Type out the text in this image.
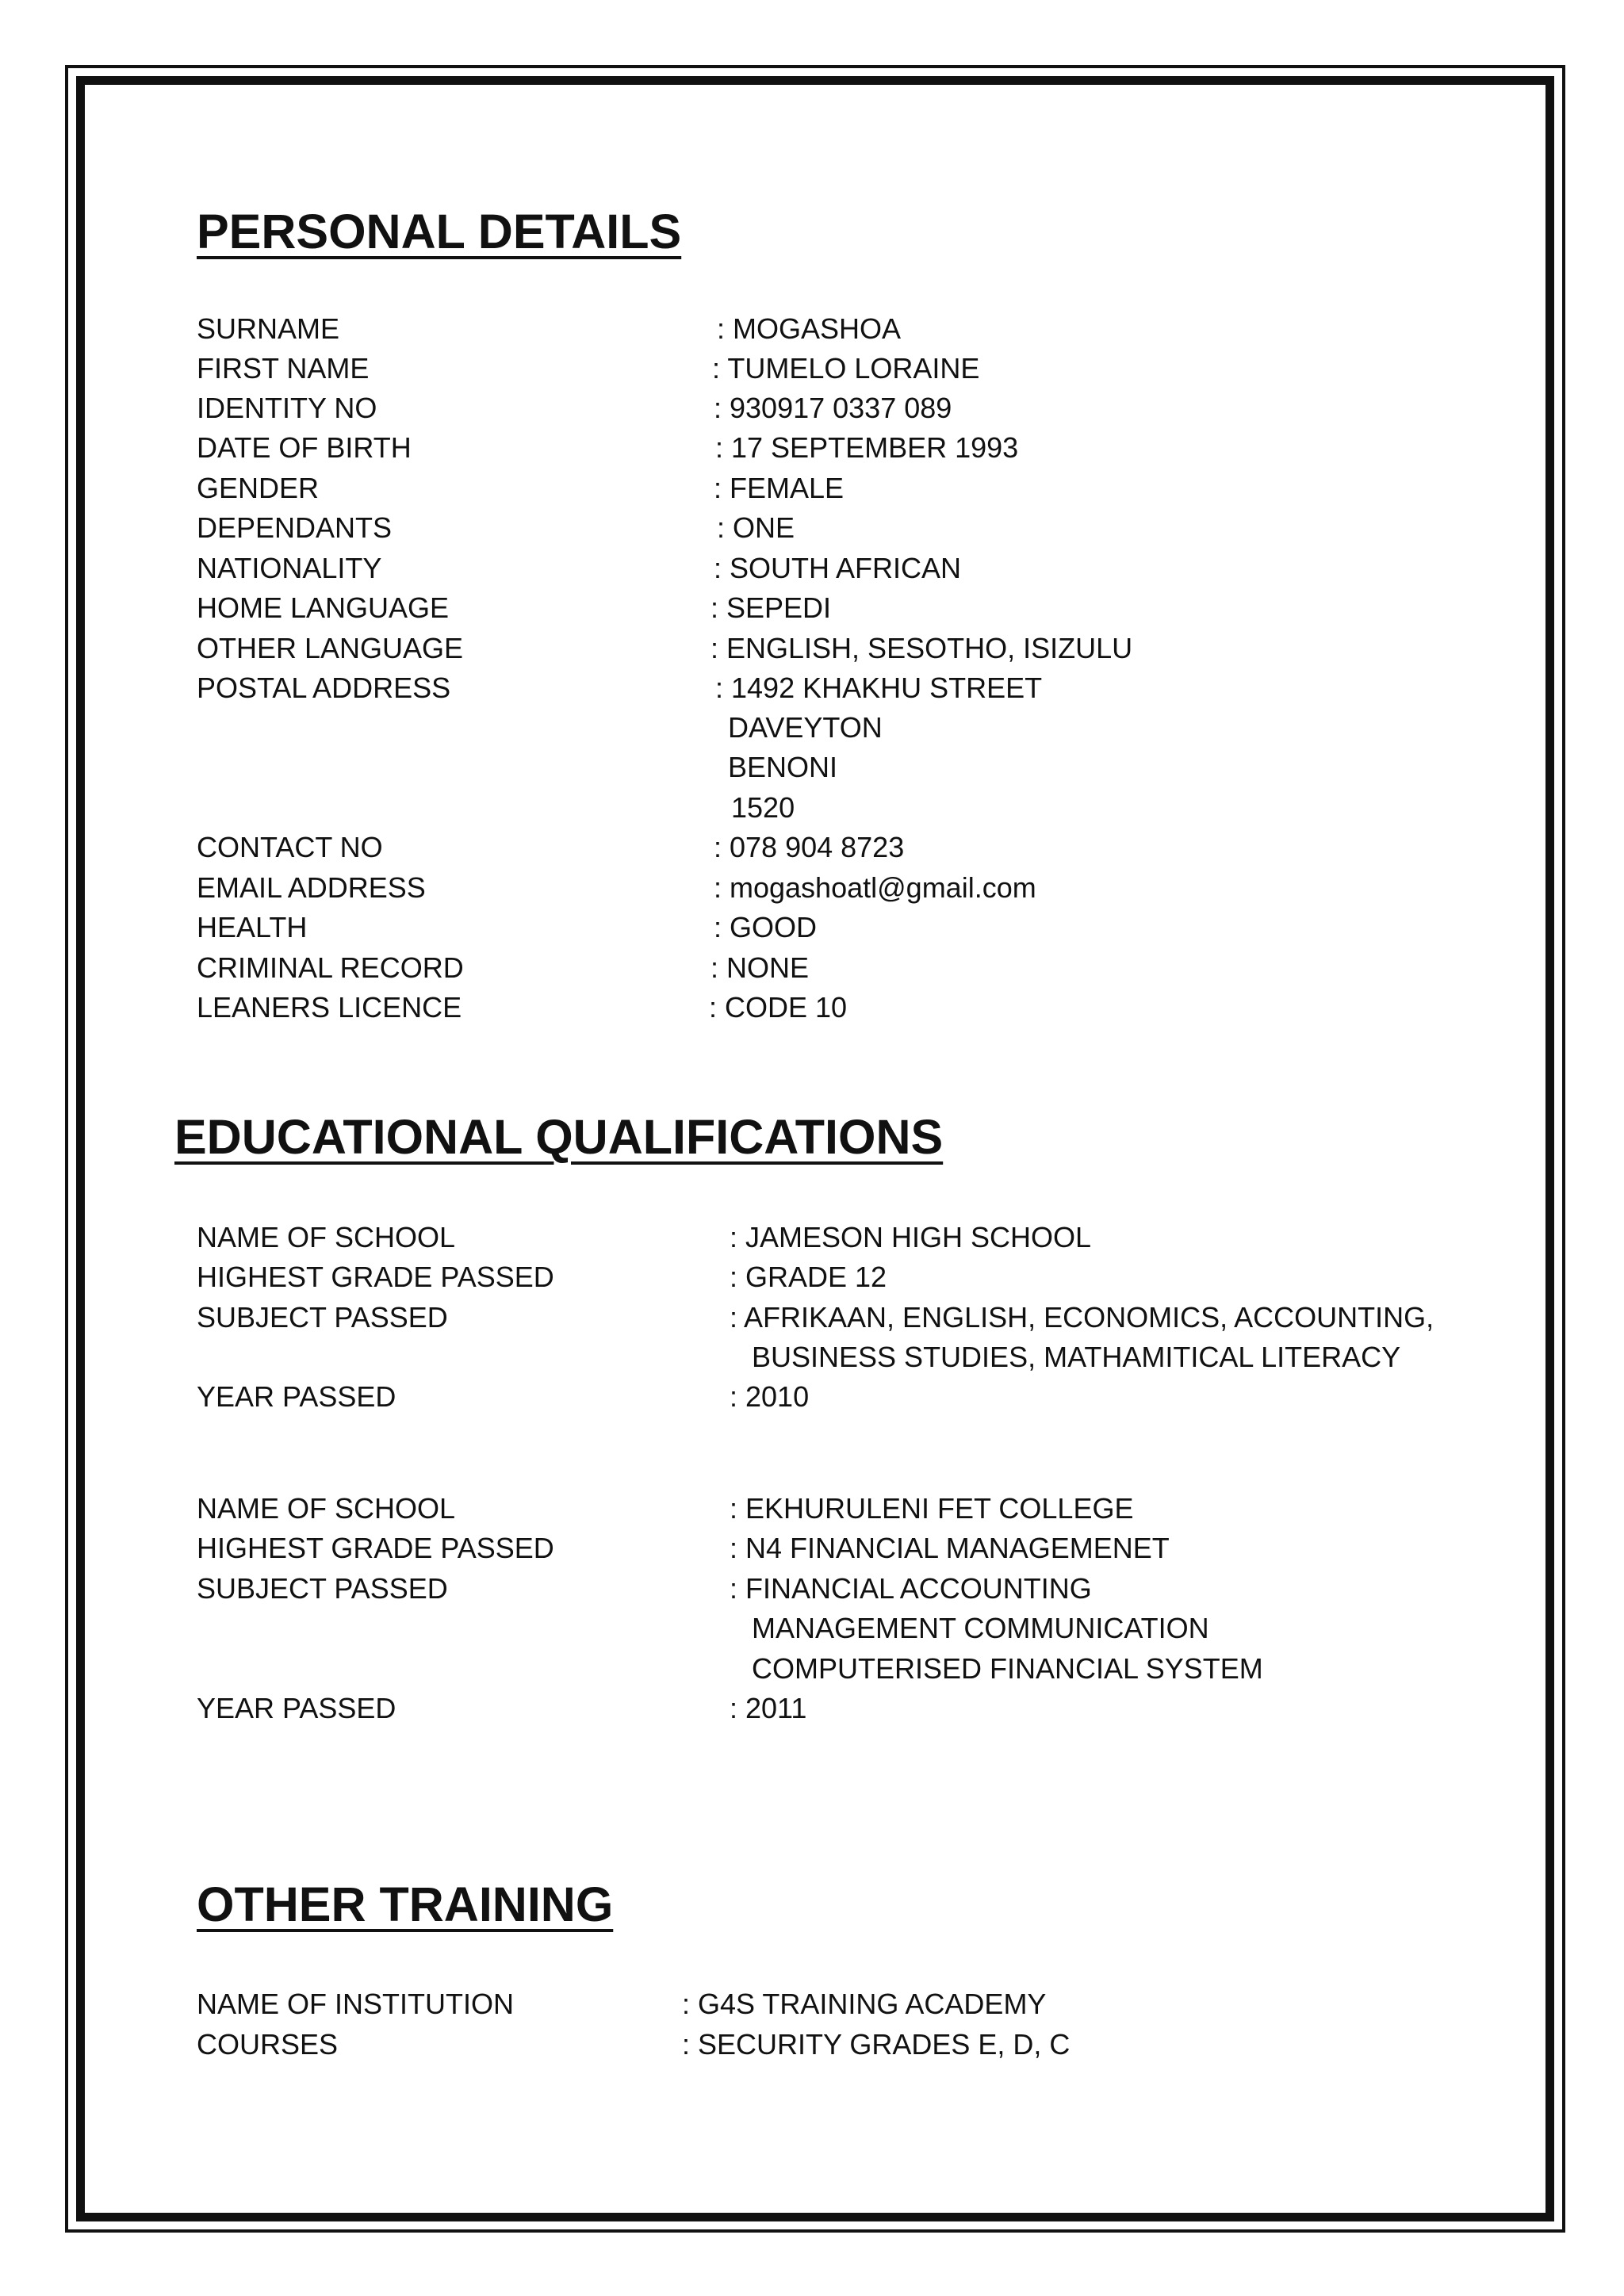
PERSONAL DETAILS
SURNAME	: MOGASHOA
FIRST NAME	: TUMELO LORAINE
IDENTITY NO	: 930917 0337 089
DATE OF BIRTH	: 17 SEPTEMBER 1993
GENDER	: FEMALE
DEPENDANTS	: ONE
NATIONALITY	: SOUTH AFRICAN
HOME LANGUAGE	: SEPEDI
OTHER LANGUAGE	: ENGLISH, SESOTHO, ISIZULU
POSTAL ADDRESS	: 1492 KHAKHU STREET
DAVEYTON
BENONI
1520
CONTACT NO	: 078 904 8723
EMAIL ADDRESS	: mogashoatl@gmail.com
HEALTH	: GOOD
CRIMINAL RECORD	: NONE
LEANERS LICENCE	: CODE 10
EDUCATIONAL QUALIFICATIONS
NAME OF SCHOOL	: JAMESON HIGH SCHOOL
HIGHEST GRADE PASSED	: GRADE 12
SUBJECT PASSED	: AFRIKAAN, ENGLISH, ECONOMICS, ACCOUNTING,
BUSINESS STUDIES, MATHAMITICAL LITERACY
YEAR PASSED	: 2010
NAME OF SCHOOL	: EKHURULENI FET COLLEGE
HIGHEST GRADE PASSED	: N4 FINANCIAL MANAGEMENET
SUBJECT PASSED	: FINANCIAL ACCOUNTING
MANAGEMENT COMMUNICATION
COMPUTERISED FINANCIAL SYSTEM
YEAR PASSED	: 2011
OTHER TRAINING
NAME OF INSTITUTION	: G4S TRAINING ACADEMY
COURSES	: SECURITY GRADES E, D, C
